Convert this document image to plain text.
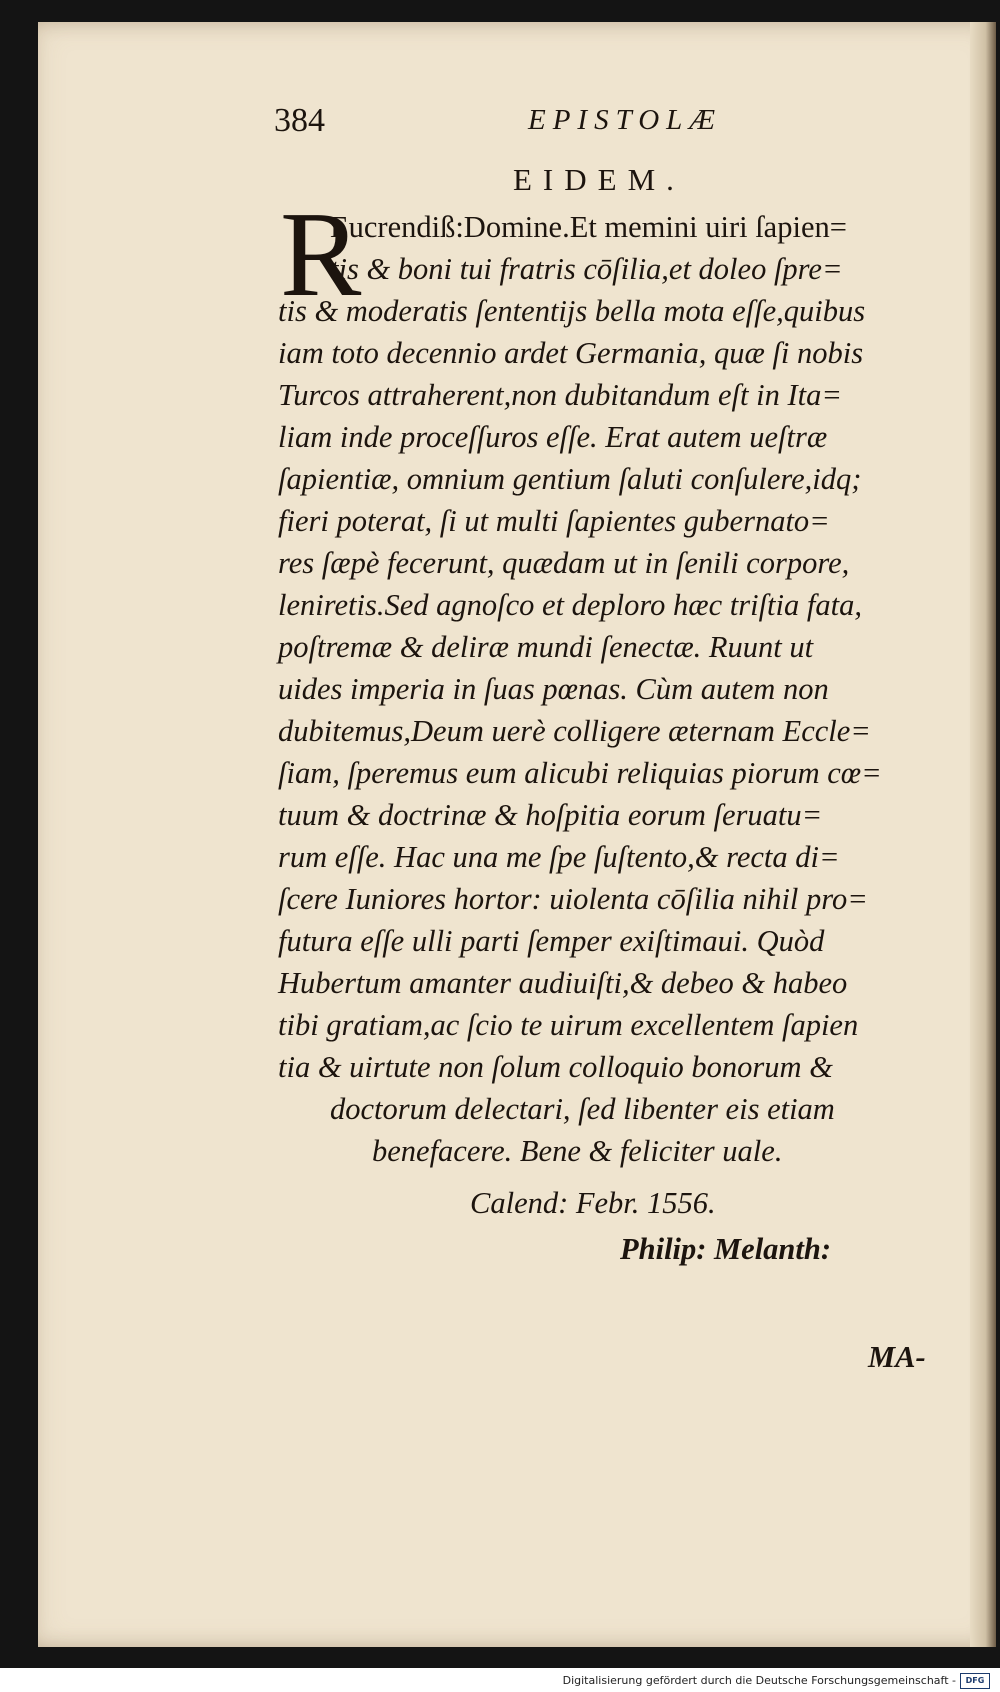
384	EPISTOLÆ
EIDEM.
R
Eucrendiß:Domine.Et memini uiri ſapien=
tis & boni tui fratris cōſilia,et doleo ſpre=
tis & moderatis ſententijs bella mota eſſe,quibus
iam toto decennio ardet Germania, quæ ſi nobis
Turcos attraherent,non dubitandum eſt in Ita=
liam inde proceſſuros eſſe. Erat autem ueſtræ
ſapientiæ, omnium gentium ſaluti conſulere,idq;
fieri poterat, ſi ut multi ſapientes gubernato=
res ſæpè fecerunt, quædam ut in ſenili corpore,
leniretis.Sed agnoſco et deploro hæc triſtia fata,
poſtremæ & deliræ mundi ſenectæ. Ruunt ut
uides imperia in ſuas pœnas. Cùm autem non
dubitemus,Deum uerè colligere æternam Eccle=
ſiam, ſperemus eum alicubi reliquias piorum cœ=
tuum & doctrinæ & hoſpitia eorum ſeruatu=
rum eſſe. Hac una me ſpe ſuſtento,& recta di=
ſcere Iuniores hortor: uiolenta cōſilia nihil pro=
futura eſſe ulli parti ſemper exiſtimaui. Quòd
Hubertum amanter audiuiſti,& debeo & habeo
tibi gratiam,ac ſcio te uirum excellentem ſapien
tia & uirtute non ſolum colloquio bonorum &
doctorum delectari, ſed libenter eis etiam
benefacere. Bene & feliciter uale.
Calend: Febr. 1556.
Philip: Melanth:
MA-
Digitalisierung gefördert durch die Deutsche Forschungsgemeinschaft -	DFG
